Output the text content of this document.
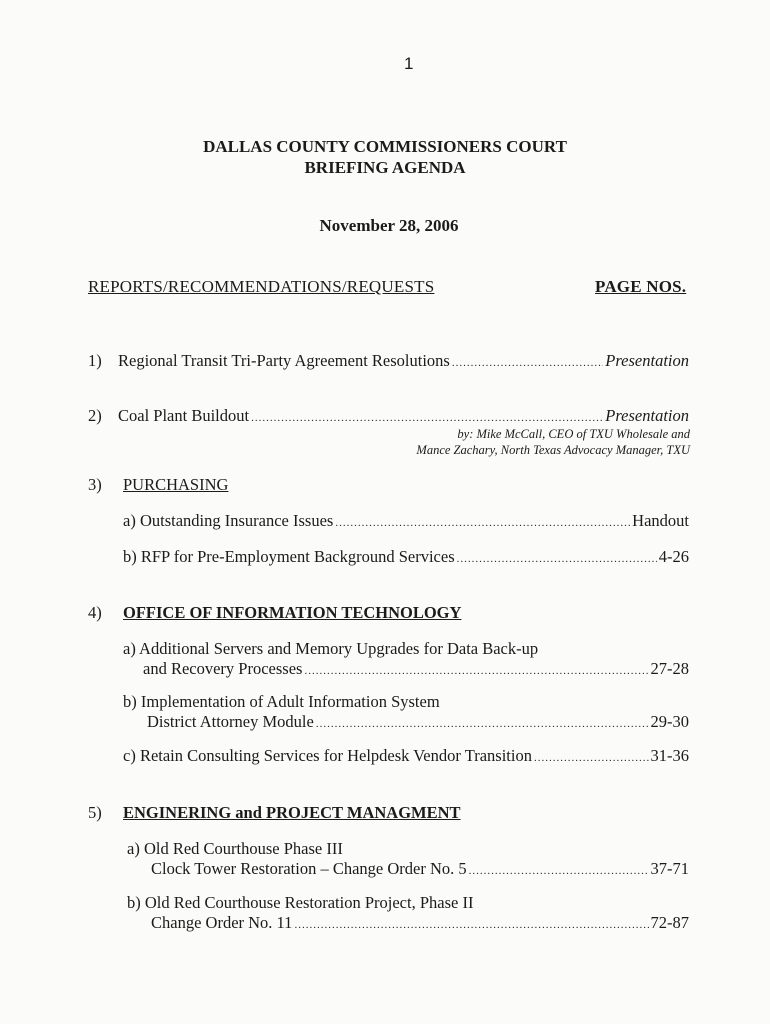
1
DALLAS COUNTY COMMISSIONERS COURT
BRIEFING AGENDA
November 28, 2006
REPORTS/RECOMMENDATIONS/REQUESTS	PAGE NOS.
1) Regional Transit Tri-Party Agreement Resolutions .....	Presentation
2) Coal Plant Buildout .....	Presentation
by: Mike McCall, CEO of TXU Wholesale and
Mance Zachary, North Texas Advocacy Manager, TXU
3) PURCHASING
a) Outstanding Insurance Issues .....	Handout
b) RFP for Pre-Employment Background Services .....	4-26
4) OFFICE OF INFORMATION TECHNOLOGY
a) Additional Servers and Memory Upgrades for Data Back-up
and Recovery Processes .....	27-28
b) Implementation of Adult Information System
District Attorney Module .....	29-30
c) Retain Consulting Services for Helpdesk Vendor Transition .....	31-36
5) ENGINERING and PROJECT MANAGMENT
a) Old Red Courthouse Phase III
Clock Tower Restoration – Change Order No. 5 .....	37-71
b) Old Red Courthouse Restoration Project, Phase II
Change Order No. 11 .....	72-87
